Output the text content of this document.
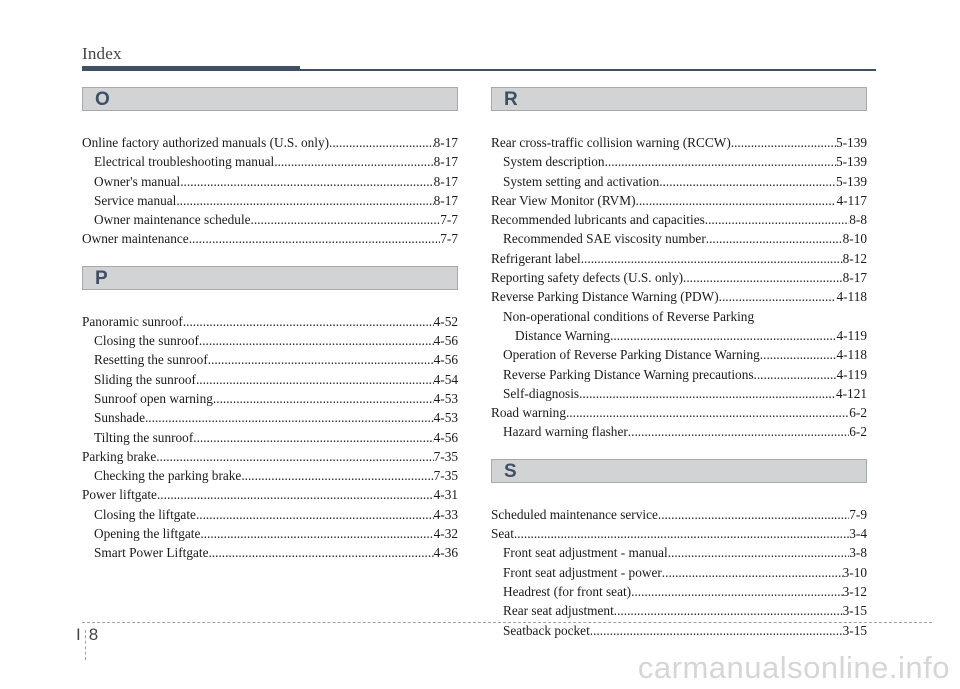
Index
O
Online factory authorized manuals (U.S. only) .....	8-17
Electrical troubleshooting manual .....	8-17
Owner's manual .....	8-17
Service manual .....	8-17
Owner maintenance schedule .....	7-7
Owner maintenance .....	7-7
P
Panoramic sunroof .....	4-52
Closing the sunroof .....	4-56
Resetting the sunroof .....	4-56
Sliding the sunroof .....	4-54
Sunroof open warning .....	4-53
Sunshade .....	4-53
Tilting the sunroof .....	4-56
Parking brake .....	7-35
Checking the parking brake .....	7-35
Power liftgate .....	4-31
Closing the liftgate .....	4-33
Opening the liftgate .....	4-32
Smart Power Liftgate .....	4-36
R
Rear cross-traffic collision warning (RCCW) .....	5-139
System description .....	5-139
System setting and activation .....	5-139
Rear View Monitor (RVM) .....	4-117
Recommended lubricants and capacities .....	8-8
Recommended SAE viscosity number .....	8-10
Refrigerant label .....	8-12
Reporting safety defects (U.S. only) .....	8-17
Reverse Parking Distance Warning (PDW) .....	4-118
Non-operational conditions of Reverse Parking
Distance Warning .....	4-119
Operation of Reverse Parking Distance Warning .....	4-118
Reverse Parking Distance Warning precautions .....	4-119
Self-diagnosis .....	4-121
Road warning .....	6-2
Hazard warning flasher .....	6-2
S
Scheduled maintenance service .....	7-9
Seat .....	3-4
Front seat adjustment - manual .....	3-8
Front seat adjustment - power .....	3-10
Headrest (for front seat) .....	3-12
Rear seat adjustment .....	3-15
Seatback pocket .....	3-15
I8
carmanualsonline.info
